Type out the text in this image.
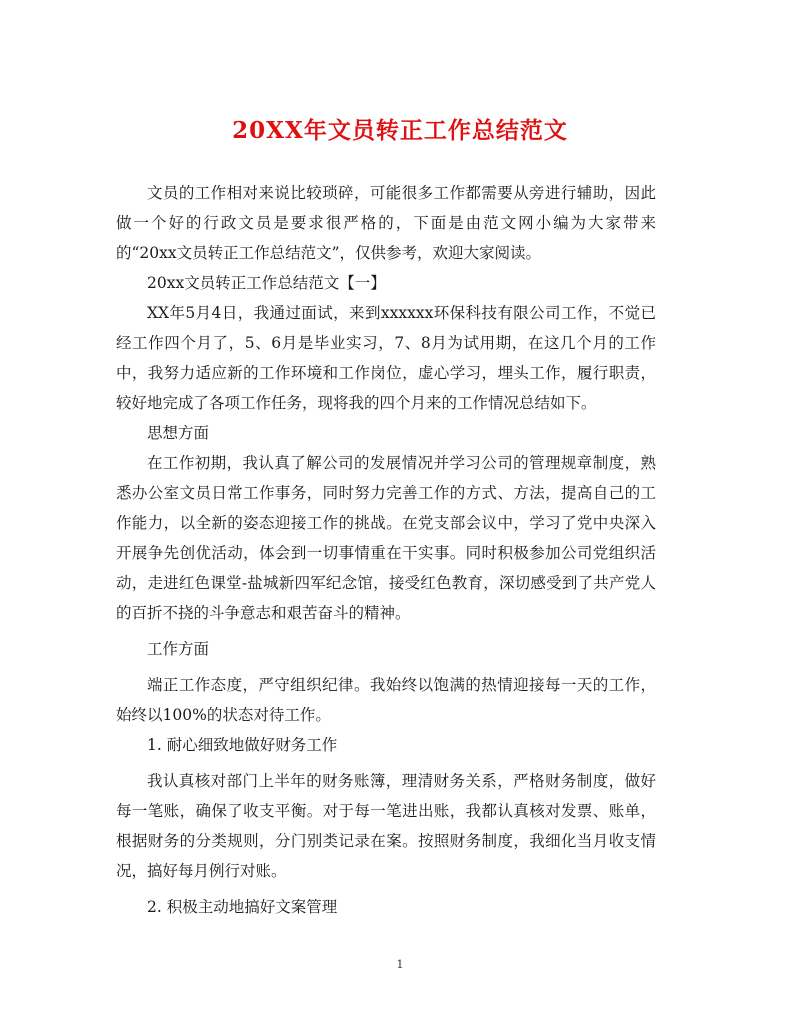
20XX年文员转正工作总结范文

文员的工作相对来说比较琐碎，可能很多工作都需要从旁进行辅助，因此做一个好的行政文员是要求很严格的，下面是由范文网小编为大家带来的“20xx文员转正工作总结范文”，仅供参考，欢迎大家阅读。

20xx文员转正工作总结范文【一】

XX年5月4日，我通过面试，来到xxxxxx环保科技有限公司工作，不觉已经工作四个月了，5、6月是毕业实习，7、8月为试用期，在这几个月的工作中，我努力适应新的工作环境和工作岗位，虚心学习，埋头工作，履行职责，较好地完成了各项工作任务，现将我的四个月来的工作情况总结如下。

思想方面

在工作初期，我认真了解公司的发展情况并学习公司的管理规章制度，熟悉办公室文员日常工作事务，同时努力完善工作的方式、方法，提高自己的工作能力，以全新的姿态迎接工作的挑战。在党支部会议中，学习了党中央深入开展争先创优活动，体会到一切事情重在干实事。同时积极参加公司党组织活动，走进红色课堂-盐城新四军纪念馆，接受红色教育，深切感受到了共产党人的百折不挠的斗争意志和艰苦奋斗的精神。

工作方面

端正工作态度，严守组织纪律。我始终以饱满的热情迎接每一天的工作，始终以100%的状态对待工作。

1. 耐心细致地做好财务工作

我认真核对部门上半年的财务账簿，理清财务关系，严格财务制度，做好每一笔账，确保了收支平衡。对于每一笔进出账，我都认真核对发票、账单，根据财务的分类规则，分门别类记录在案。按照财务制度，我细化当月收支情况，搞好每月例行对账。

2. 积极主动地搞好文案管理

1
